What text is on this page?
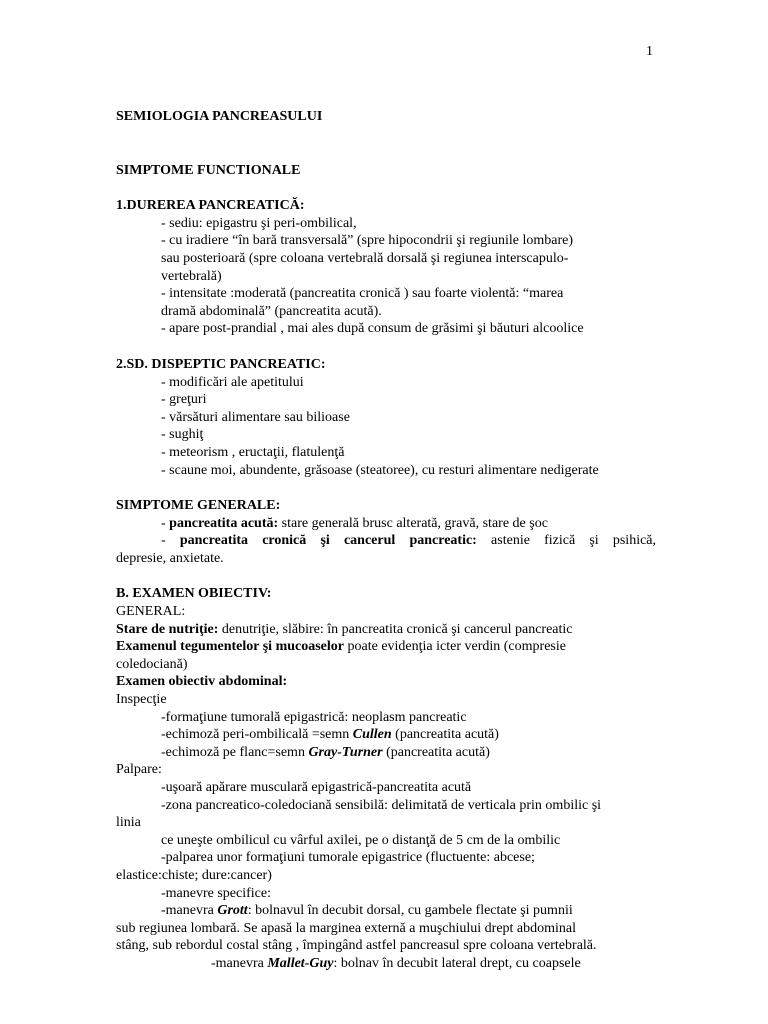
1
SEMIOLOGIA PANCREASULUI
SIMPTOME FUNCTIONALE
1.DUREREA PANCREATICĂ:
- sediu: epigastru şi peri-ombilical,
- cu iradiere “în bară transversală” (spre hipocondrii şi regiunile lombare)
sau posterioară (spre coloana vertebrală dorsală şi regiunea interscapulo-
vertebrală)
- intensitate :moderată (pancreatita cronică ) sau foarte violentă: “marea
dramă abdominală” (pancreatita acută).
- apare post-prandial , mai ales după consum de grăsimi şi băuturi alcoolice
2.SD. DISPEPTIC PANCREATIC:
- modificări ale apetitului
- greţuri
- vărsături alimentare sau bilioase
- sughiţ
- meteorism , eructaţii, flatulenţă
- scaune moi, abundente, grăsoase (steatoree), cu resturi alimentare nedigerate
SIMPTOME GENERALE:
- pancreatita acută: stare generală brusc alterată, gravă, stare de şoc
- pancreatita cronică şi cancerul pancreatic: astenie fizică şi psihică,
depresie, anxietate.
B. EXAMEN OBIECTIV:
GENERAL:
Stare de nutriţie: denutriţie, slăbire: în pancreatita cronică şi cancerul pancreatic
Examenul tegumentelor şi mucoaselor poate evidenţia icter verdin (compresie
coledociană)
Examen obiectiv abdominal:
Inspecţie
-formaţiune tumorală epigastrică: neoplasm pancreatic
-echimoză peri-ombilicală =semn Cullen (pancreatita acută)
-echimoză pe flanc=semn Gray-Turner (pancreatita acută)
Palpare:
-uşoară apărare musculară epigastrică-pancreatita acută
-zona pancreatico-coledociană sensibilă: delimitată de verticala prin ombilic şi
linia
ce uneşte ombilicul cu vârful axilei, pe o distanţă de 5 cm de la ombilic
-palparea unor formaţiuni tumorale epigastrice (fluctuente: abcese;
elastice:chiste; dure:cancer)
-manevre specifice:
-manevra Grott: bolnavul în decubit dorsal, cu gambele flectate şi pumnii
sub regiunea lombară. Se apasă la marginea externă a muşchiului drept abdominal
stâng, sub rebordul costal stâng , împingând astfel pancreasul spre coloana vertebrală.
-manevra Mallet-Guy: bolnav în decubit lateral drept, cu coapsele
